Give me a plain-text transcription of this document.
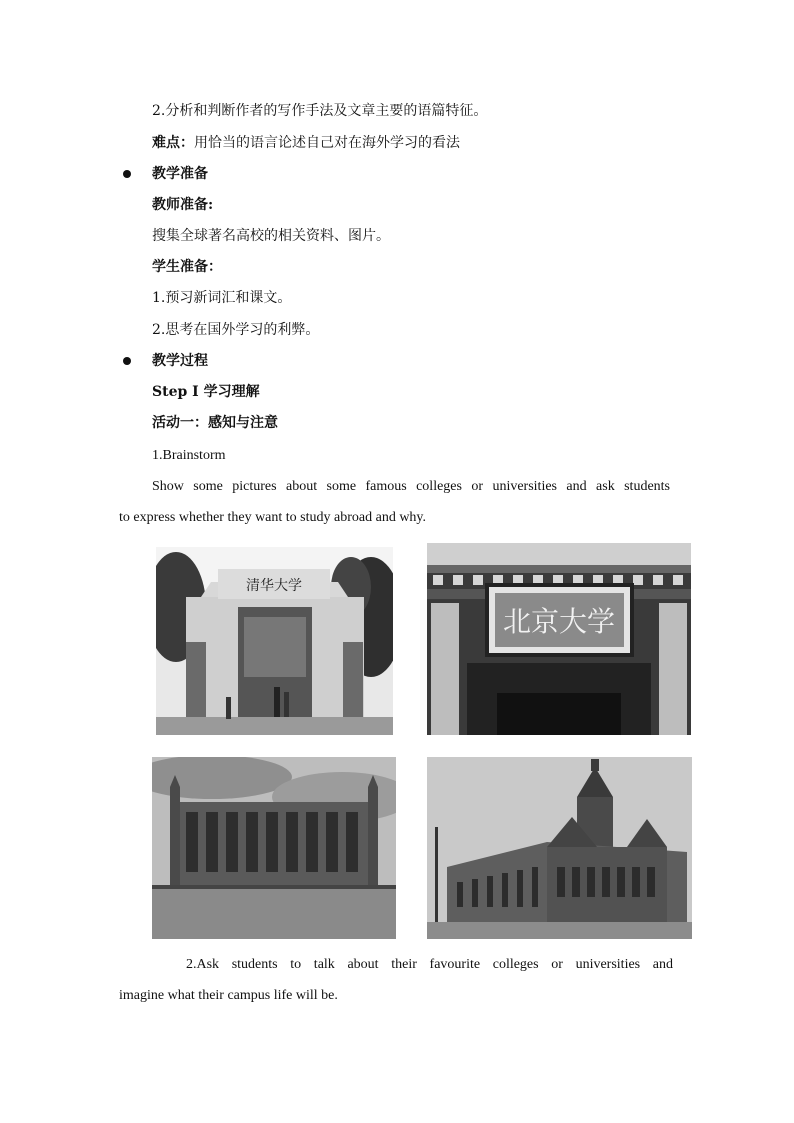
2.分析和判断作者的写作手法及文章主要的语篇特征。
难点：用恰当的语言论述自己对在海外学习的看法
教学准备
教师准备:
搜集全球著名高校的相关资料、图片。
学生准备：
1.预习新词汇和课文。
2.思考在国外学习的利弊。
教学过程
Step I 学习理解
活动一：感知与注意
1.Brainstorm
Show some pictures about some famous colleges or universities and ask students
to express whether they want to study abroad and why.
清华大学
北京大学
2.Ask students to talk about their favourite colleges or universities and
imagine what their campus life will be.
